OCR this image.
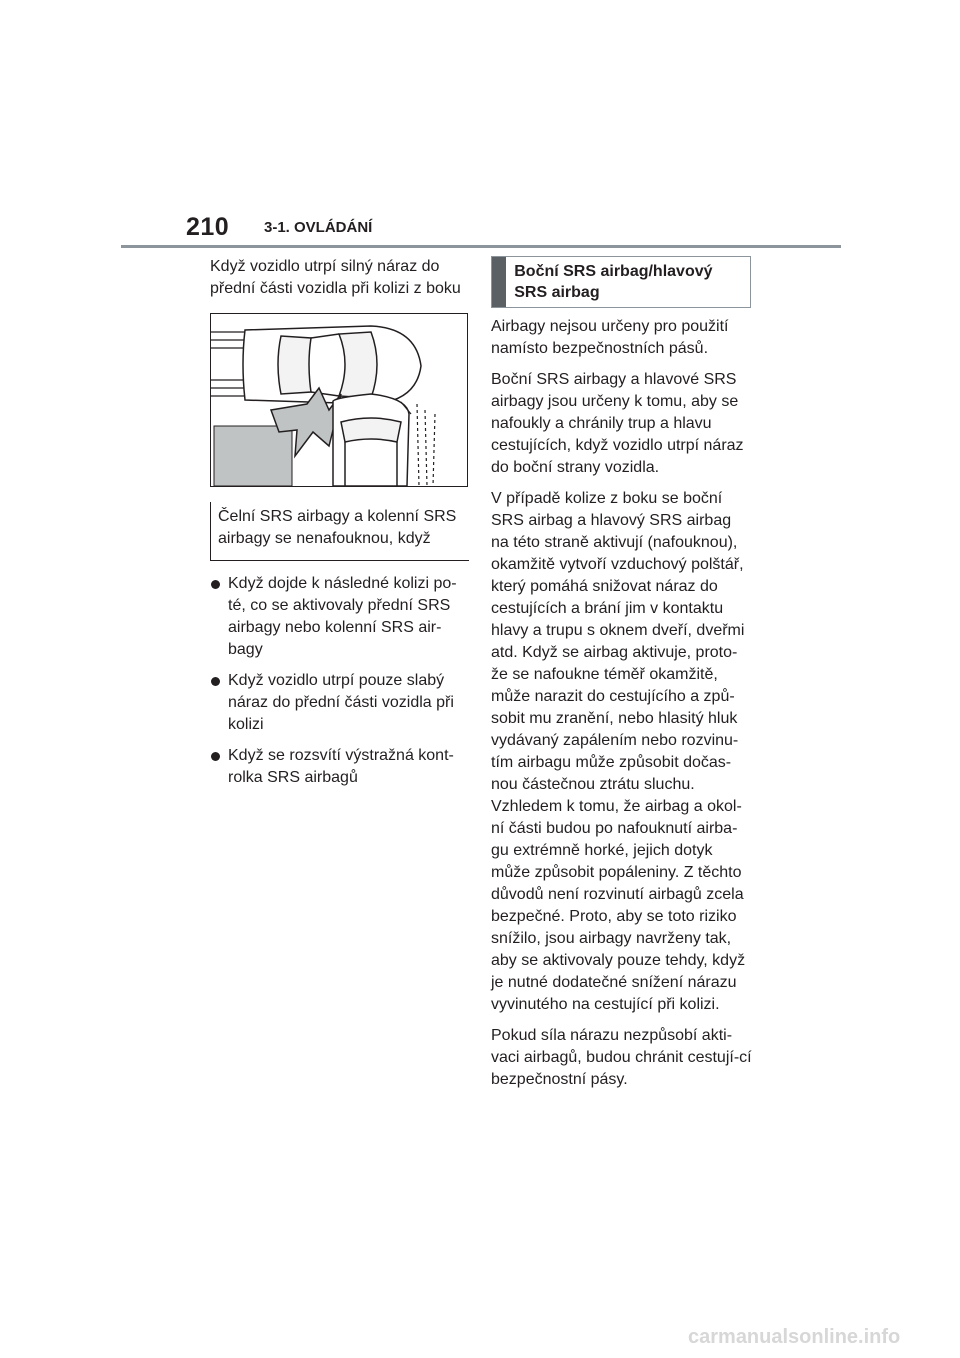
210 3-1. OVLÁDÁNÍ

Když vozidlo utrpí silný náraz do přední části vozidla při kolizi z boku

Čelní SRS airbagy a kolenní SRS airbagy se nenafouknou, když

Když dojde k následné kolizi po-té, co se aktivovaly přední SRS airbagy nebo kolenní SRS air-bagy
Když vozidlo utrpí pouze slabý náraz do přední části vozidla při kolizi
Když se rozsvítí výstražná kont-rolka SRS airbagů
Boční SRS airbag/hlavový SRS airbag

Airbagy nejsou určeny pro použití namísto bezpečnostních pásů.

Boční SRS airbagy a hlavové SRS airbagy jsou určeny k tomu, aby se nafoukly a chránily trup a hlavu cestujících, když vozidlo utrpí náraz do boční strany vozidla.

V případě kolize z boku se boční SRS airbag a hlavový SRS airbag na této straně aktivují (nafouknou), okamžitě vytvoří vzduchový polštář, který pomáhá snižovat náraz do cestujících a brání jim v kontaktu hlavy a trupu s oknem dveří, dveřmi atd. Když se airbag aktivuje, proto-že se nafoukne téměř okamžitě, může narazit do cestujícího a způ-sobit mu zranění, nebo hlasitý hluk vydávaný zapálením nebo rozvinu-tím airbagu může způsobit dočas-nou částečnou ztrátu sluchu. Vzhledem k tomu, že airbag a okol-ní části budou po nafouknutí airba-gu extrémně horké, jejich dotyk může způsobit popáleniny. Z těchto důvodů není rozvinutí airbagů zcela bezpečné. Proto, aby se toto riziko snížilo, jsou airbagy navrženy tak, aby se aktivovaly pouze tehdy, když je nutné dodatečné snížení nárazu vyvinutého na cestující při kolizi.

Pokud síla nárazu nezpůsobí akti-vaci airbagů, budou chránit cestují-cí bezpečnostní pásy.

carmanualsonline.info
